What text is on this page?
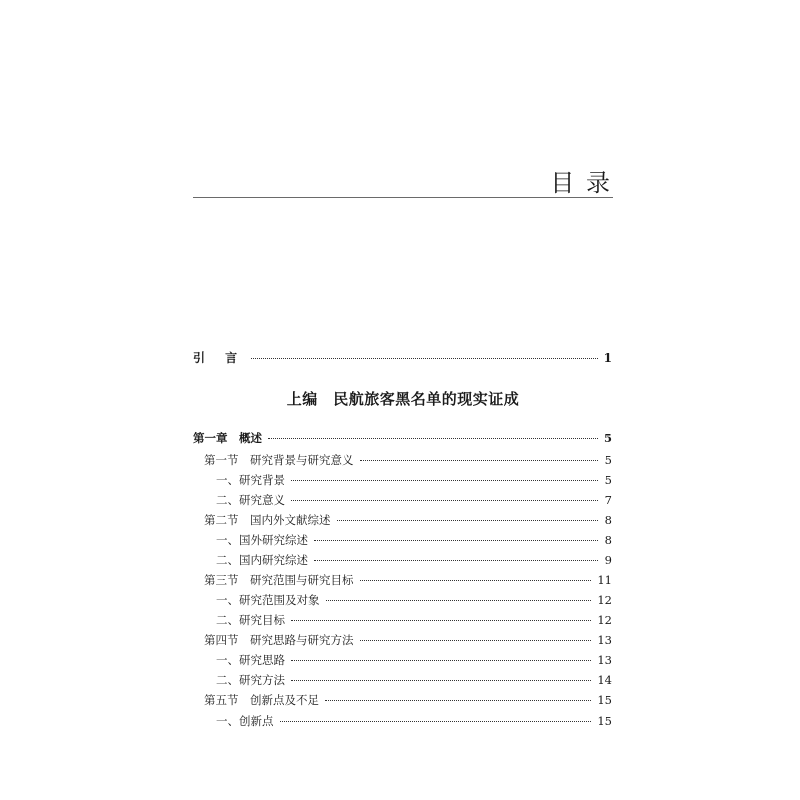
目 录
引 言	1
上编　民航旅客黑名单的现实证成
第一章　概述	5
第一节　研究背景与研究意义	5
一、研究背景	5
二、研究意义	7
第二节　国内外文献综述	8
一、国外研究综述	8
二、国内研究综述	9
第三节　研究范围与研究目标	11
一、研究范围及对象	12
二、研究目标	12
第四节　研究思路与研究方法	13
一、研究思路	13
二、研究方法	14
第五节　创新点及不足	15
一、创新点	15
